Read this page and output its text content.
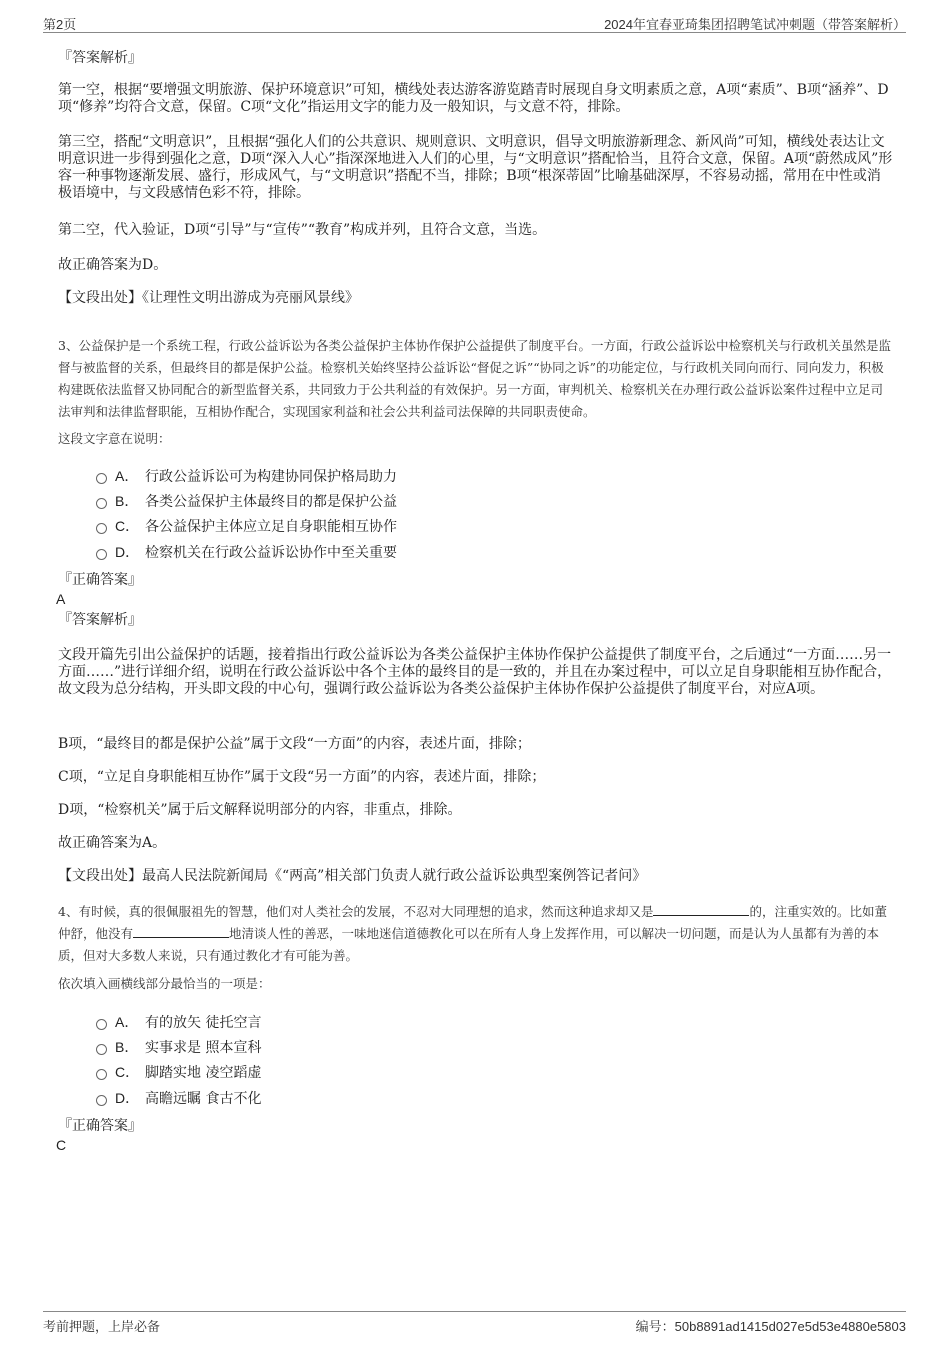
第2页	2024年宜春亚琦集团招聘笔试冲刺题（带答案解析）
『答案解析』
第一空，根据“要增强文明旅游、保护环境意识”可知，横线处表达游客游览踏青时展现自身文明素质之意，A项“素质”、B项“涵养”、D项“修养”均符合文意，保留。C项“文化”指运用文字的能力及一般知识，与文意不符，排除。
第三空，搭配“文明意识”，且根据“强化人们的公共意识、规则意识、文明意识，倡导文明旅游新理念、新风尚”可知，横线处表达让文明意识进一步得到强化之意，D项“深入人心”指深深地进入人们的心里，与“文明意识”搭配恰当，且符合文意，保留。A项“蔚然成风”形容一种事物逐渐发展、盛行，形成风气，与“文明意识”搭配不当，排除；B项“根深蒂固”比喻基础深厚，不容易动摇，常用在中性或消极语境中，与文段感情色彩不符，排除。
第二空，代入验证，D项“引导”与“宣传”“教育”构成并列，且符合文意，当选。
故正确答案为D。
【文段出处】《让理性文明出游成为亮丽风景线》
3、公益保护是一个系统工程，行政公益诉讼为各类公益保护主体协作保护公益提供了制度平台。一方面，行政公益诉讼中检察机关与行政机关虽然是监督与被监督的关系，但最终目的都是保护公益。检察机关始终坚持公益诉讼“督促之诉”“协同之诉”的功能定位，与行政机关同向而行、同向发力，积极构建既依法监督又协同配合的新型监督关系，共同致力于公共利益的有效保护。另一方面，审判机关、检察机关在办理行政公益诉讼案件过程中立足司法审判和法律监督职能，互相协作配合，实现国家利益和社会公共利益司法保障的共同职责使命。
这段文字意在说明：
A． 行政公益诉讼可为构建协同保护格局助力
B． 各类公益保护主体最终目的都是保护公益
C． 各公益保护主体应立足自身职能相互协作
D． 检察机关在行政公益诉讼协作中至关重要
『正确答案』
A
『答案解析』
文段开篇先引出公益保护的话题，接着指出行政公益诉讼为各类公益保护主体协作保护公益提供了制度平台，之后通过“一方面……另一方面……”进行详细介绍，说明在行政公益诉讼中各个主体的最终目的是一致的，并且在办案过程中，可以立足自身职能相互协作配合，故文段为总分结构，开头即文段的中心句，强调行政公益诉讼为各类公益保护主体协作保护公益提供了制度平台，对应A项。
B项，“最终目的都是保护公益”属于文段“一方面”的内容，表述片面，排除；
C项，“立足自身职能相互协作”属于文段“另一方面”的内容，表述片面，排除；
D项，“检察机关”属于后文解释说明部分的内容，非重点，排除。
故正确答案为A。
【文段出处】最高人民法院新闻局《“两高”相关部门负责人就行政公益诉讼典型案例答记者问》
4、有时候，真的很佩服祖先的智慧，他们对人类社会的发展，不忍对大同理想的追求，然而这种追求却又是	的，注重实效的。比如董仲舒，他没有	地清谈人性的善恶，一味地迷信道德教化可以在所有人身上发挥作用，可以解决一切问题，而是认为人虽都有为善的本质，但对大多数人来说，只有通过教化才有可能为善。
依次填入画横线部分最恰当的一项是：
A． 有的放矢 徒托空言
B． 实事求是 照本宣科
C． 脚踏实地 凌空蹈虚
D． 高瞻远瞩 食古不化
『正确答案』
C
考前押题，上岸必备	编号：50b8891ad1415d027e5d53e4880e5803
